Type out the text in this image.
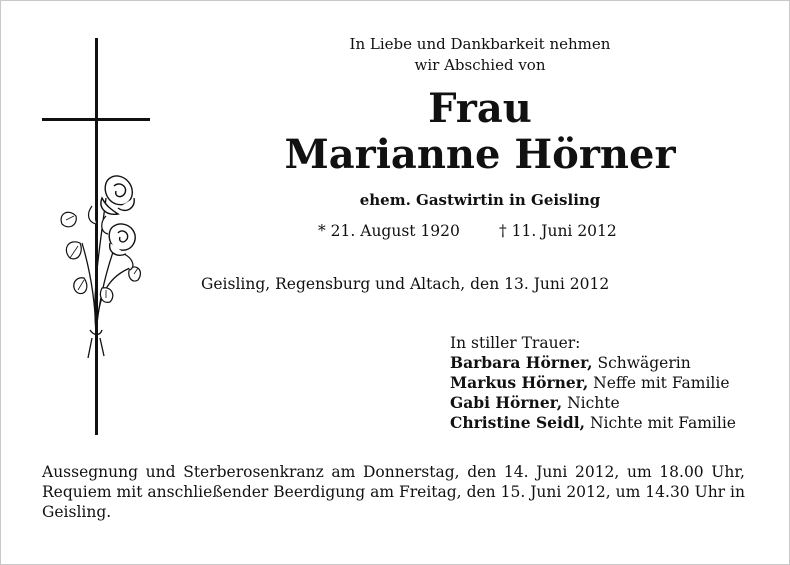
In Liebe und Dankbarkeit nehmen
wir Abschied von
Frau
Marianne Hörner
ehem. Gastwirtin in Geisling
* 21. August 1920	† 11. Juni 2012
Geisling, Regensburg und Altach, den 13. Juni 2012
In stiller Trauer:
Barbara Hörner, Schwägerin
Markus Hörner, Neffe mit Familie
Gabi Hörner, Nichte
Christine Seidl, Nichte mit Familie
Aussegnung und Sterberosenkranz am Donnerstag, den 14. Juni 2012, um 18.00 Uhr, Requiem mit anschließender Beerdigung am Freitag, den 15. Juni 2012, um 14.30 Uhr in Geisling.
